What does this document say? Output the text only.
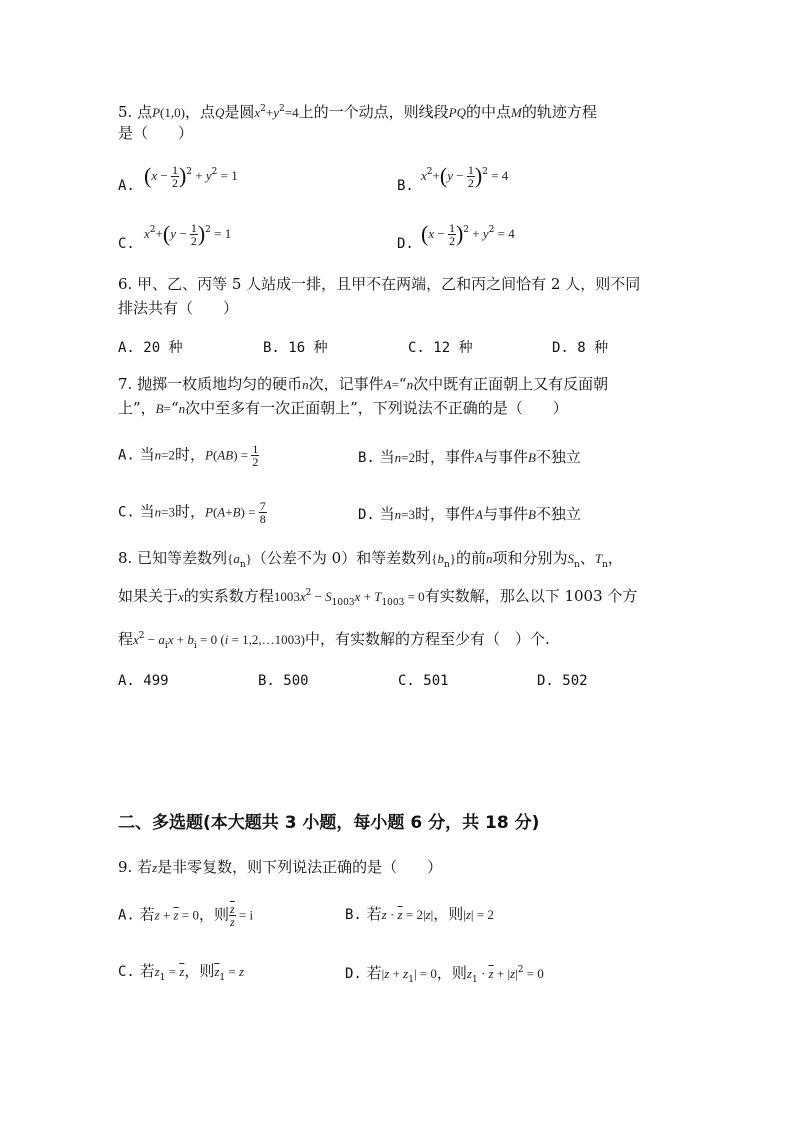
5. 点P(1,0)，点Q是圆$x^2+y^2=4$上的一个动点，则线段PQ的中点M的轨迹方程
是（　　）
A. $(x - \frac{1}{2} )^2 + y^2 = 1$
B.
$x^2+(y - \frac{1}{2} )^2 = 4$
C.
$x^2+(y - \frac{1}{2} )^2 = 1$
D. $(x - \frac{1}{2} )^2 + y^2 = 4$
6. 甲、乙、丙等 5 人站成一排，且甲不在两端，乙和丙之间恰有 2 人，则不同
排法共有（　　）
A. 20 种	B. 16 种	C. 12 种	D. 8 种
7. 抛掷一枚质地均匀的硬币n次，记事件A=“n次中既有正面朝上又有反面朝
上”，B=“n次中至多有一次正面朝上”，下列说法不正确的是（　　）
A. 当n=2时，$P(AB) = \frac{1}{2}$	B. 当n=2时，事件A与事件B不独立
C. 当n=3时，$P(A+B) = \frac{7}{8}$	D. 当n=3时，事件A与事件B不独立
8. 已知等差数列$\{a_n\}$（公差不为 0）和等差数列$\{b_n\}$的前n项和分别为$S_n$、$T_n$，
如果关于x的实系数方程$1003x^2 - S_{1003}x + T_{1003} = 0$有实数解，那么以下 1003 个方
程$x^2 - a_ix + b_i = 0$ (i = 1,2,…1003)中，有实数解的方程至少有（　）个.
A. 499	B. 500	C. 501	D. 502
二、多选题(本大题共 3 小题，每小题 6 分，共 18 分)
9. 若z是非零复数，则下列说法正确的是（　　）
A. 若$z + \overline{z} = 0$，则 $\frac{\overline{z}}{z} = i$	B. 若$z \cdot \overline{z} = 2|z|$，则|z| = 2
C. 若$z_1 = \overline{z}$，则$\overline{z}_1 = z$	D. 若$|z + z_1| = 0$，则$z_1 \cdot \overline{z} + |z|^2 = 0$
